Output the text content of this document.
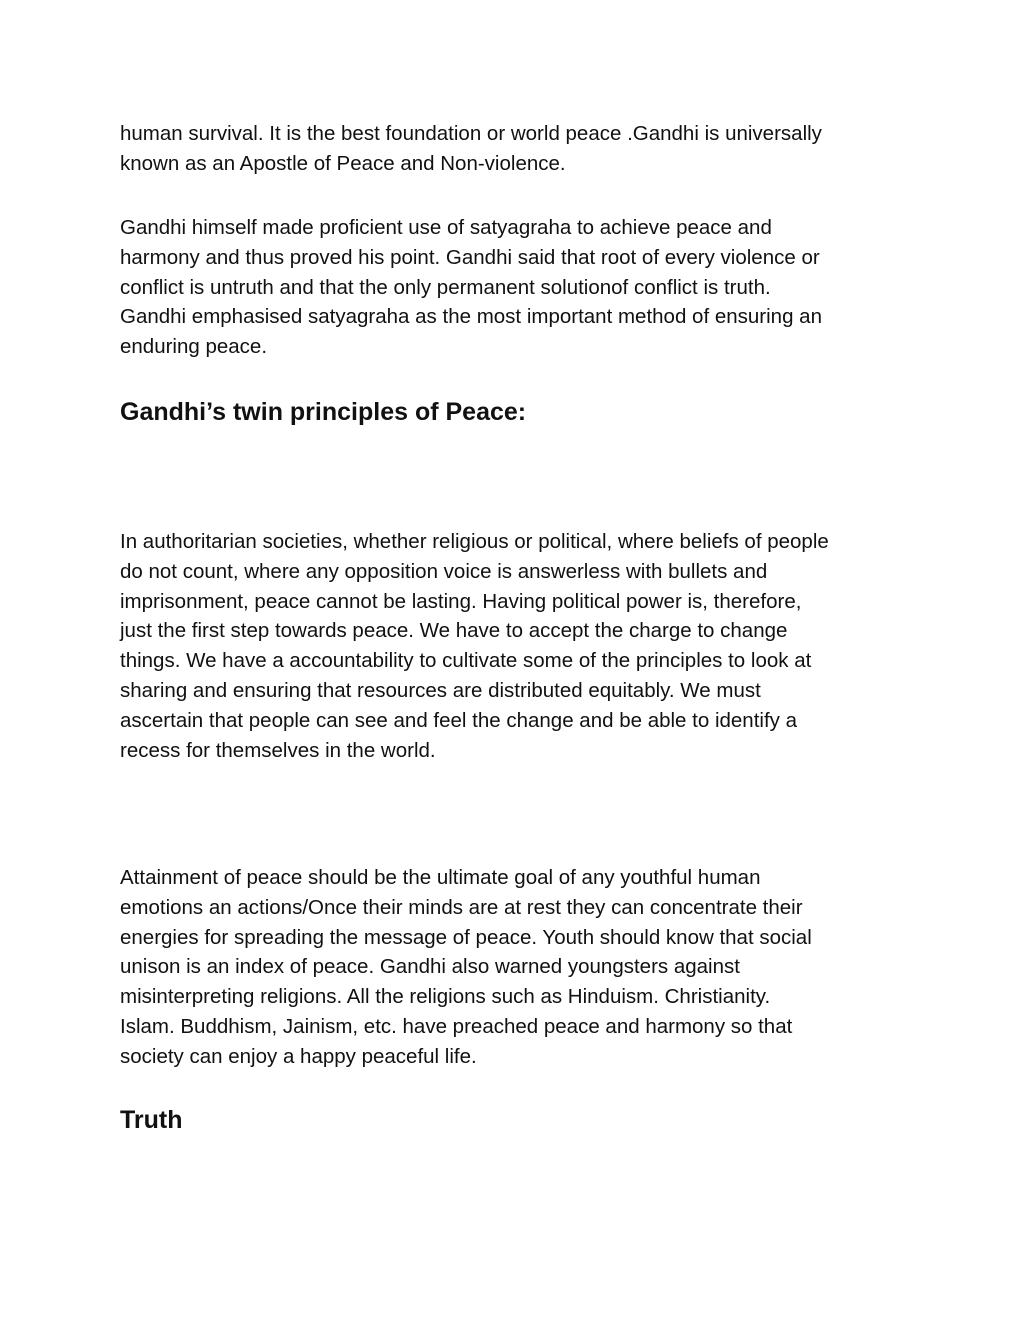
human survival. It is the best foundation or world peace .Gandhi is universally
known as an Apostle of Peace and Non-violence.

Gandhi himself made proficient use of satyagraha to achieve peace and
harmony and thus proved his point. Gandhi said that root of every violence or
conflict is untruth and that the only permanent solutionof conflict is truth.
Gandhi emphasised satyagraha as the most important method of ensuring an
enduring peace.

Gandhi’s twin principles of Peace:

In authoritarian societies, whether religious or political, where beliefs of people
do not count, where any opposition voice is answerless with bullets and
imprisonment, peace cannot be lasting. Having political power is, therefore,
just the first step towards peace. We have to accept the charge to change
things. We have a accountability to cultivate some of the principles to look at
sharing and ensuring that resources are distributed equitably. We must
ascertain that people can see and feel the change and be able to identify a
recess for themselves in the world.

Attainment of peace should be the ultimate goal of any youthful human
emotions an actions/Once their minds are at rest they can concentrate their
energies for spreading the message of peace. Youth should know that social
unison is an index of peace. Gandhi also warned youngsters against
misinterpreting religions. All the religions such as Hinduism. Christianity.
Islam. Buddhism, Jainism, etc. have preached peace and harmony so that
society can enjoy a happy peaceful life.

Truth
